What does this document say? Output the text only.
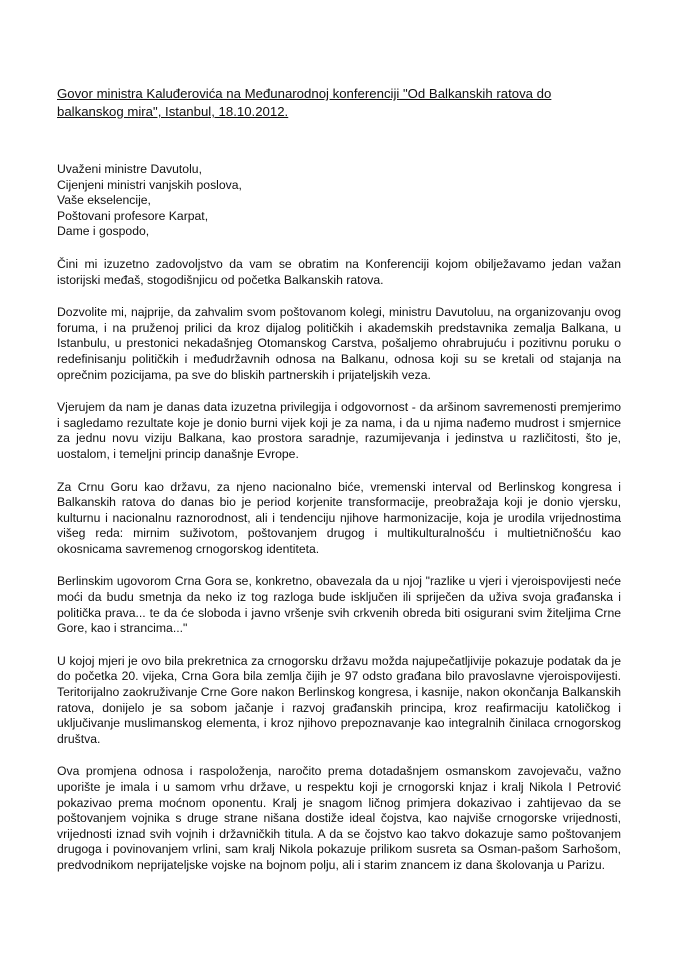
Govor ministra Kaluđerovića na Međunarodnoj konferenciji "Od Balkanskih ratova do balkanskog mira", Istanbul, 18.10.2012.
Uvaženi ministre Davutolu,
Cijenjeni ministri vanjskih poslova,
Vaše ekselencije,
Poštovani profesore Karpat,
Dame i gospodo,

Čini mi izuzetno zadovoljstvo da vam se obratim na Konferenciji kojom obilježavamo jedan važan istorijski međaš, stogodišnjicu od početka Balkanskih ratova.

Dozvolite mi, najprije, da zahvalim svom poštovanom kolegi, ministru Davutoluu, na organizovanju ovog foruma, i na pruženoj prilici da kroz dijalog političkih i akademskih predstavnika zemalja Balkana, u Istanbulu, u prestonici nekadašnjeg Otomanskog Carstva, pošaljemo ohrabrujuću i pozitivnu poruku o redefinisanju političkih i međudržavnih odnosa na Balkanu, odnosa koji su se kretali od stajanja na oprečnim pozicijama, pa sve do bliskih partnerskih i prijateljskih veza.

Vjerujem da nam je danas data izuzetna privilegija i odgovornost - da aršinom savremenosti premjerimo i sagledamo rezultate koje je donio burni vijek koji je za nama, i da u njima nađemo mudrost i smjernice za jednu novu viziju Balkana, kao prostora saradnje, razumijevanja i jedinstva u različitosti, što je, uostalom, i temeljni princip današnje Evrope.

Za Crnu Goru kao državu, za njeno nacionalno biće, vremenski interval od Berlinskog kongresa i Balkanskih ratova do danas bio je period korjenite transformacije, preobražaja koji je donio vjersku, kulturnu i nacionalnu raznorodnost, ali i tendenciju njihove harmonizacije, koja je urodila vrijednostima višeg reda: mirnim suživotom, poštovanjem drugog i multikulturalnošću i multietničnošću kao okosnicama savremenog crnogorskog identiteta.

Berlinskim ugovorom Crna Gora se, konkretno, obavezala da u njoj "razlike u vjeri i vjeroispovijesti neće moći da budu smetnja da neko iz tog razloga bude isključen ili spriječen da uživa svoja građanska i politička prava... te da će sloboda i javno vršenje svih crkvenih obreda biti osigurani svim žiteljima Crne Gore, kao i strancima..."

U kojoj mjeri je ovo bila prekretnica za crnogorsku državu možda najupečatljivije pokazuje podatak da je do početka 20. vijeka, Crna Gora bila zemlja čijih je 97 odsto građana bilo pravoslavne vjeroispovijesti. Teritorijalno zaokruživanje Crne Gore nakon Berlinskog kongresa, i kasnije, nakon okončanja Balkanskih ratova, donijelo je sa sobom jačanje i razvoj građanskih principa, kroz reafirmaciju katoličkog i uključivanje muslimanskog elementa, i kroz njihovo prepoznavanje kao integralnih činilaca crnogorskog društva.

Ova promjena odnosa i raspoloženja, naročito prema dotadašnjem osmanskom zavojevaču, važno uporište je imala i u samom vrhu države, u respektu koji je crnogorski knjaz i kralj Nikola I Petrović pokazivao prema moćnom oponentu. Kralj je snagom ličnog primjera dokazivao i zahtijevao da se poštovanjem vojnika s druge strane nišana dostiže ideal čojstva, kao najviše crnogorske vrijednosti, vrijednosti iznad svih vojnih i državničkih titula. A da se čojstvo kao takvo dokazuje samo poštovanjem drugoga i povinovanjem vrlini, sam kralj Nikola pokazuje prilikom susreta sa Osman-pašom Sarhošom, predvodnikom neprijateljske vojske na bojnom polju, ali i starim znancem iz dana školovanja u Parizu.
